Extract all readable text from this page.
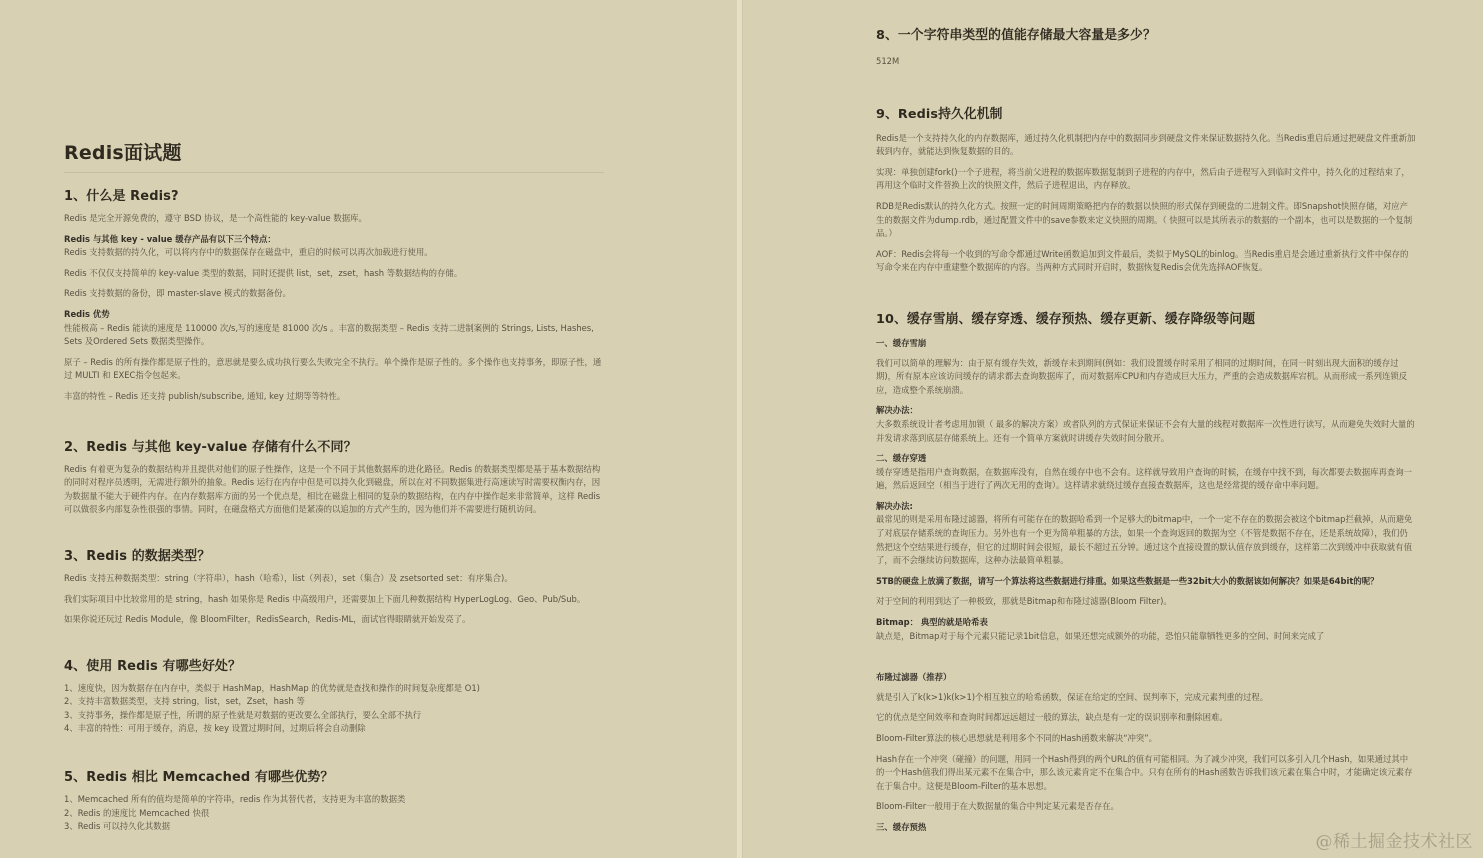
Redis面试题
1、什么是 Redis?

Redis 是完全开源免费的，遵守 BSD 协议，是一个高性能的 key-value 数据库。

Redis 与其他 key - value 缓存产品有以下三个特点：

Redis 支持数据的持久化，可以将内存中的数据保存在磁盘中，重启的时候可以再次加载进行使用。

Redis 不仅仅支持简单的 key-value 类型的数据，同时还提供 list，set，zset，hash 等数据结构的存储。

Redis 支持数据的备份，即 master-slave 模式的数据备份。

Redis 优势

性能极高 – Redis 能读的速度是 110000 次/s,写的速度是 81000 次/s 。丰富的数据类型 – Redis 支持二进制案例的 Strings, Lists, Hashes, Sets 及Ordered Sets 数据类型操作。

原子 – Redis 的所有操作都是原子性的，意思就是要么成功执行要么失败完全不执行。单个操作是原子性的。多个操作也支持事务，即原子性，通过 MULTI 和 EXEC指令包起来。

丰富的特性 – Redis 还支持 publish/subscribe, 通知, key 过期等等特性。

2、Redis 与其他 key-value 存储有什么不同？

Redis 有着更为复杂的数据结构并且提供对他们的原子性操作，这是一个不同于其他数据库的进化路径。Redis 的数据类型都是基于基本数据结构的同时对程序员透明，无需进行额外的抽象。Redis 运行在内存中但是可以持久化到磁盘，所以在对不同数据集进行高速读写时需要权衡内存，因为数据量不能大于硬件内存。在内存数据库方面的另一个优点是，相比在磁盘上相同的复杂的数据结构，在内存中操作起来非常简单，这样 Redis可以做很多内部复杂性很强的事情。同时，在磁盘格式方面他们是紧凑的以追加的方式产生的，因为他们并不需要进行随机访问。

3、Redis 的数据类型？

Redis 支持五种数据类型：string（字符串），hash（哈希），list（列表），set（集合）及 zsetsorted set：有序集合)。

我们实际项目中比较常用的是 string，hash 如果你是 Redis 中高级用户，还需要加上下面几种数据结构 HyperLogLog、Geo、Pub/Sub。

如果你说还玩过 Redis Module，像 BloomFilter，RedisSearch，Redis-ML，面试官得眼睛就开始发亮了。

4、使用 Redis 有哪些好处？
1、速度快，因为数据存在内存中，类似于 HashMap，HashMap 的优势就是查找和操作的时间复杂度都是 O1)
2、支持丰富数据类型，支持 string，list，set，Zset，hash 等
3、支持事务，操作都是原子性，所谓的原子性就是对数据的更改要么全部执行，要么全部不执行
4、丰富的特性：可用于缓存，消息，按 key 设置过期时间，过期后将会自动删除
5、Redis 相比 Memcached 有哪些优势？
1、Memcached 所有的值均是简单的字符串，redis 作为其替代者，支持更为丰富的数据类
2、Redis 的速度比 Memcached 快很
3、Redis 可以持久化其数据
8、一个字符串类型的值能存储最大容量是多少？

512M

9、Redis持久化机制

Redis是一个支持持久化的内存数据库，通过持久化机制把内存中的数据同步到硬盘文件来保证数据持久化。当Redis重启后通过把硬盘文件重新加载到内存，就能达到恢复数据的目的。

实现：单独创建fork()一个子进程，将当前父进程的数据库数据复制到子进程的内存中，然后由子进程写入到临时文件中，持久化的过程结束了，再用这个临时文件替换上次的快照文件，然后子进程退出，内存释放。

RDB是Redis默认的持久化方式。按照一定的时间周期策略把内存的数据以快照的形式保存到硬盘的二进制文件。即Snapshot快照存储，对应产生的数据文件为dump.rdb，通过配置文件中的save参数来定义快照的周期。（ 快照可以是其所表示的数据的一个副本，也可以是数据的一个复制品。）

AOF：Redis会将每一个收到的写命令都通过Write函数追加到文件最后，类似于MySQL的binlog。当Redis重启是会通过重新执行文件中保存的写命令来在内存中重建整个数据库的内容。当两种方式同时开启时，数据恢复Redis会优先选择AOF恢复。

10、缓存雪崩、缓存穿透、缓存预热、缓存更新、缓存降级等问题
一、缓存雪崩

我们可以简单的理解为：由于原有缓存失效，新缓存未到期间(例如：我们设置缓存时采用了相同的过期时间，在同一时刻出现大面积的缓存过期)，所有原本应该访问缓存的请求都去查询数据库了，而对数据库CPU和内存造成巨大压力，严重的会造成数据库宕机。从而形成一系列连锁反应，造成整个系统崩溃。

解决办法：

大多数系统设计者考虑用加锁（ 最多的解决方案）或者队列的方式保证来保证不会有大量的线程对数据库一次性进行读写，从而避免失效时大量的并发请求落到底层存储系统上。还有一个简单方案就时讲缓存失效时间分散开。

二、缓存穿透

缓存穿透是指用户查询数据，在数据库没有，自然在缓存中也不会有。这样就导致用户查询的时候，在缓存中找不到，每次都要去数据库再查询一遍，然后返回空（相当于进行了两次无用的查询）。这样请求就绕过缓存直接查数据库，这也是经常提的缓存命中率问题。

解决办法:

最常见的则是采用布隆过滤器，将所有可能存在的数据哈希到一个足够大的bitmap中，一个一定不存在的数据会被这个bitmap拦截掉，从而避免了对底层存储系统的查询压力。另外也有一个更为简单粗暴的方法，如果一个查询返回的数据为空（不管是数据不存在，还是系统故障），我们仍然把这个空结果进行缓存，但它的过期时间会很短，最长不超过五分钟。通过这个直接设置的默认值存放到缓存，这样第二次到缓冲中获取就有值了，而不会继续访问数据库，这种办法最简单粗暴。

5TB的硬盘上放满了数据，请写一个算法将这些数据进行排重。如果这些数据是一些32bit大小的数据该如何解决？如果是64bit的呢？

对于空间的利用到达了一种极致，那就是Bitmap和布隆过滤器(Bloom Filter)。

Bitmap： 典型的就是哈希表

缺点是，Bitmap对于每个元素只能记录1bit信息，如果还想完成额外的功能，恐怕只能靠牺牲更多的空间、时间来完成了

布隆过滤器（推荐）

就是引入了k(k>1)k(k>1)个相互独立的哈希函数，保证在给定的空间、误判率下，完成元素判重的过程。

它的优点是空间效率和查询时间都远远超过一般的算法，缺点是有一定的误识别率和删除困难。

Bloom-Filter算法的核心思想就是利用多个不同的Hash函数来解决“冲突”。

Hash存在一个冲突（碰撞）的问题，用同一个Hash得到的两个URL的值有可能相同。为了减少冲突，我们可以多引入几个Hash，如果通过其中的一个Hash值我们得出某元素不在集合中，那么该元素肯定不在集合中。只有在所有的Hash函数告诉我们该元素在集合中时，才能确定该元素存在于集合中。这便是Bloom-Filter的基本思想。

Bloom-Filter一般用于在大数据量的集合中判定某元素是否存在。

三、缓存预热
@稀土掘金技术社区
